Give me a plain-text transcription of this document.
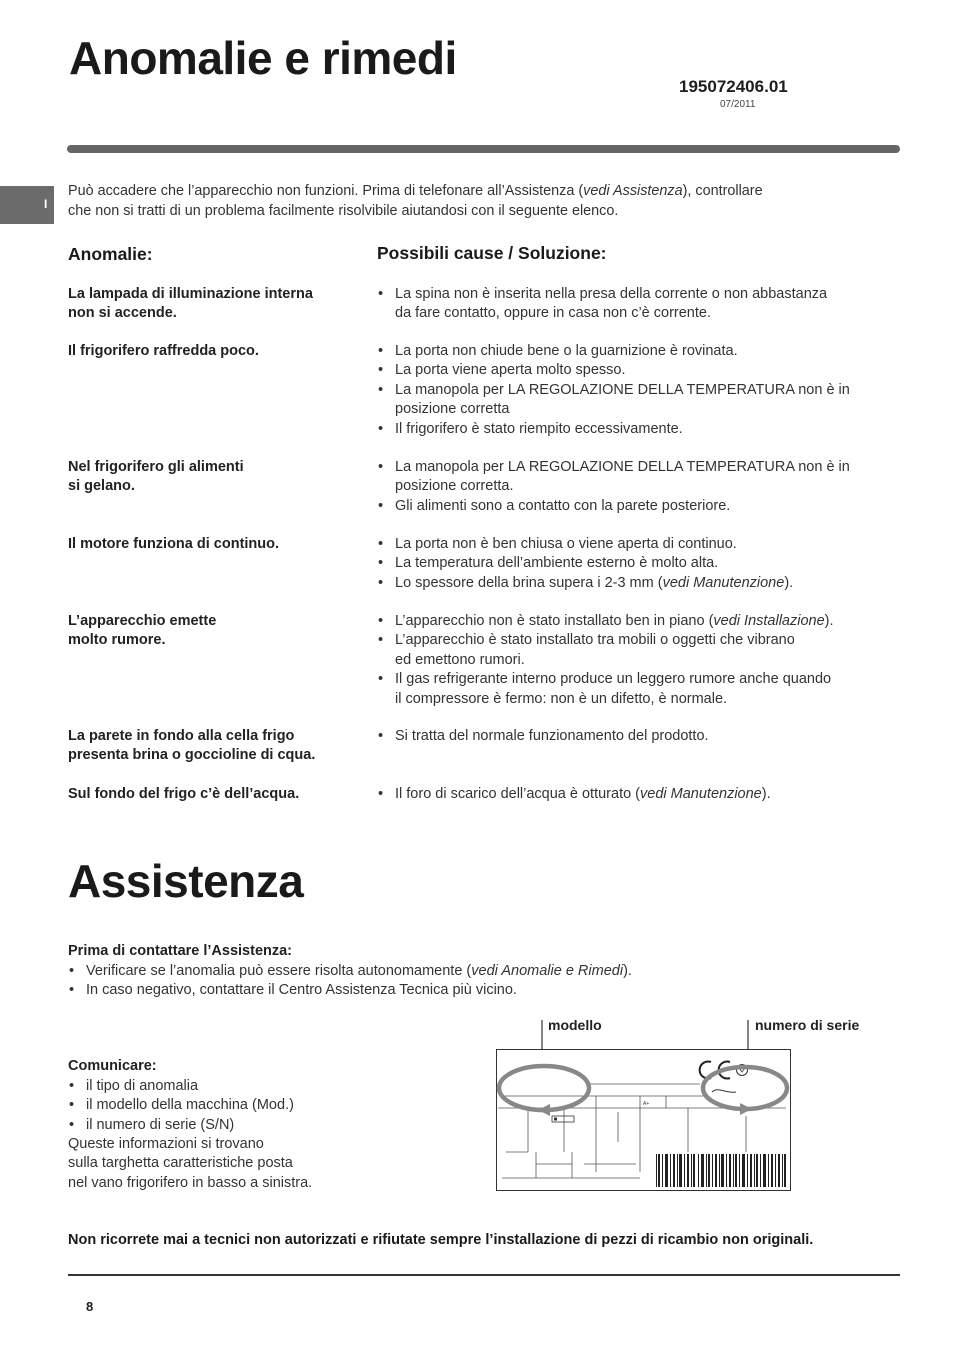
Anomalie e rimedi
195072406.01
07/2011
I
Può accadere che l’apparecchio non funzioni. Prima di telefonare all’Assistenza (vedi Assistenza), controllare
che non si tratti di un problema facilmente risolvibile aiutandosi con il seguente elenco.
Anomalie:	Possibili cause / Soluzione:
La lampada di illuminazione interna
non si accende.
• La spina non è inserita nella presa della corrente o non abbastanza
da fare contatto, oppure in casa non c’è corrente.
Il frigorifero raffredda poco.	• La porta non chiude bene o la guarnizione è rovinata.
• La porta viene aperta molto spesso.
• La manopola per LA REGOLAZIONE DELLA TEMPERATURA non è in
posizione corretta
• Il frigorifero è stato riempito eccessivamente.
Nel frigorifero gli alimenti
si gelano.
• La manopola per LA REGOLAZIONE DELLA TEMPERATURA non è in
posizione corretta.
• Gli alimenti sono a contatto con la parete posteriore.
Il motore funziona di continuo.	• La porta non è ben chiusa o viene aperta di continuo.
• La temperatura dell’ambiente esterno è molto alta.
• Lo spessore della brina supera i 2-3 mm (vedi Manutenzione).
L’apparecchio emette
molto rumore.
• L’apparecchio non è stato installato ben in piano (vedi Installazione).
• L’apparecchio è stato installato tra mobili o oggetti che vibrano
ed emettono rumori.
• Il gas refrigerante interno produce un leggero rumore anche quando
il compressore è fermo: non è un difetto, è normale.
La parete in fondo alla cella frigo
presenta brina o goccioline di cqua.
• Si tratta del normale funzionamento del prodotto.
Sul fondo del frigo c’è dell’acqua.	• Il foro di scarico dell’acqua è otturato (vedi Manutenzione).
Assistenza
Prima di contattare l’Assistenza:
• Verificare se l’anomalia può essere risolta autonomamente (vedi Anomalie e Rimedi).
• In caso negativo, contattare il Centro Assistenza Tecnica più vicino.
Comunicare:
• il tipo di anomalia
• il modello della macchina (Mod.)
• il numero di serie (S/N)
Queste informazioni si trovano
sulla targhetta caratteristiche posta
nel vano frigorifero in basso a sinistra.
modello	numero di serie
A+
Non ricorrete mai a tecnici non autorizzati e rifiutate sempre l’installazione di pezzi di ricambio non originali.
8
